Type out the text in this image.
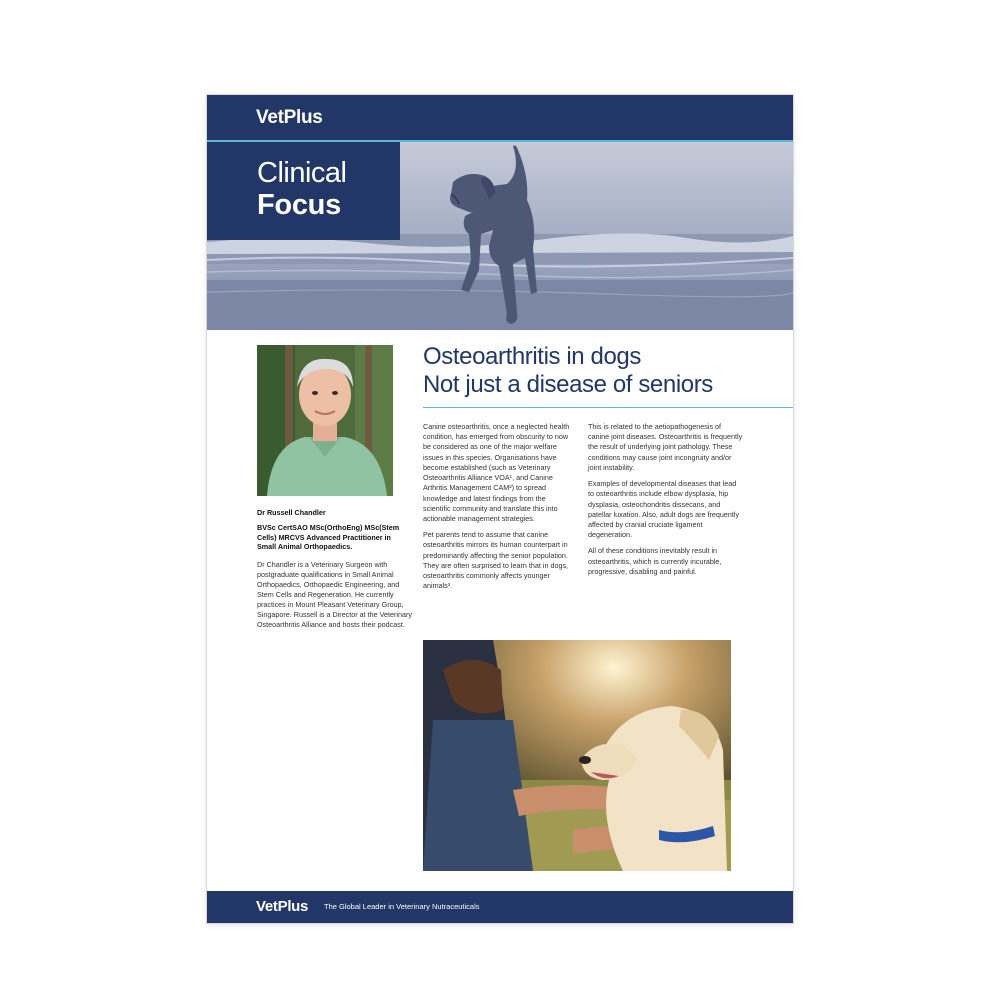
VetPlus
Clinical
Focus
Dr Russell Chandler
BVSc CertSAO MSc(OrthoEng) MSc(Stem Cells) MRCVS Advanced Practitioner in Small Animal Orthopaedics.
Dr Chandler is a Veterinary Surgeon with postgraduate qualifications in Small Animal Orthopaedics, Orthopaedic Engineering, and Stem Cells and Regeneration. He currently practices in Mount Pleasant Veterinary Group, Singapore. Russell is a Director at the Veterinary Osteoarthritis Alliance and hosts their podcast.
Osteoarthritis in dogs
Not just a disease of seniors

Canine osteoarthritis, once a neglected health condition, has emerged from obscurity to now be considered as one of the major welfare issues in this species. Organisations have become established (such as Veterinary Osteoarthritis Alliance VOA¹, and Canine Arthritis Management CAM²) to spread knowledge and latest findings from the scientific community and translate this into actionable management strategies.

Pet parents tend to assume that canine osteoarthritis mirrors its human counterpart in predominantly affecting the senior population. They are often surprised to learn that in dogs, osteoarthritis commonly affects younger animals³.

This is related to the aetiopathogenesis of canine joint diseases. Osteoarthritis is frequently the result of underlying joint pathology. These conditions may cause joint incongruity and/or joint instability.

Examples of developmental diseases that lead to osteoarthritis include elbow dysplasia, hip dysplasia, osteochondritis dissecans, and patellar luxation. Also, adult dogs are frequently affected by cranial cruciate ligament degeneration.

All of these conditions inevitably result in osteoarthritis, which is currently incurable, progressive, disabling and painful.

VetPlus The Global Leader in Veterinary Nutraceuticals
